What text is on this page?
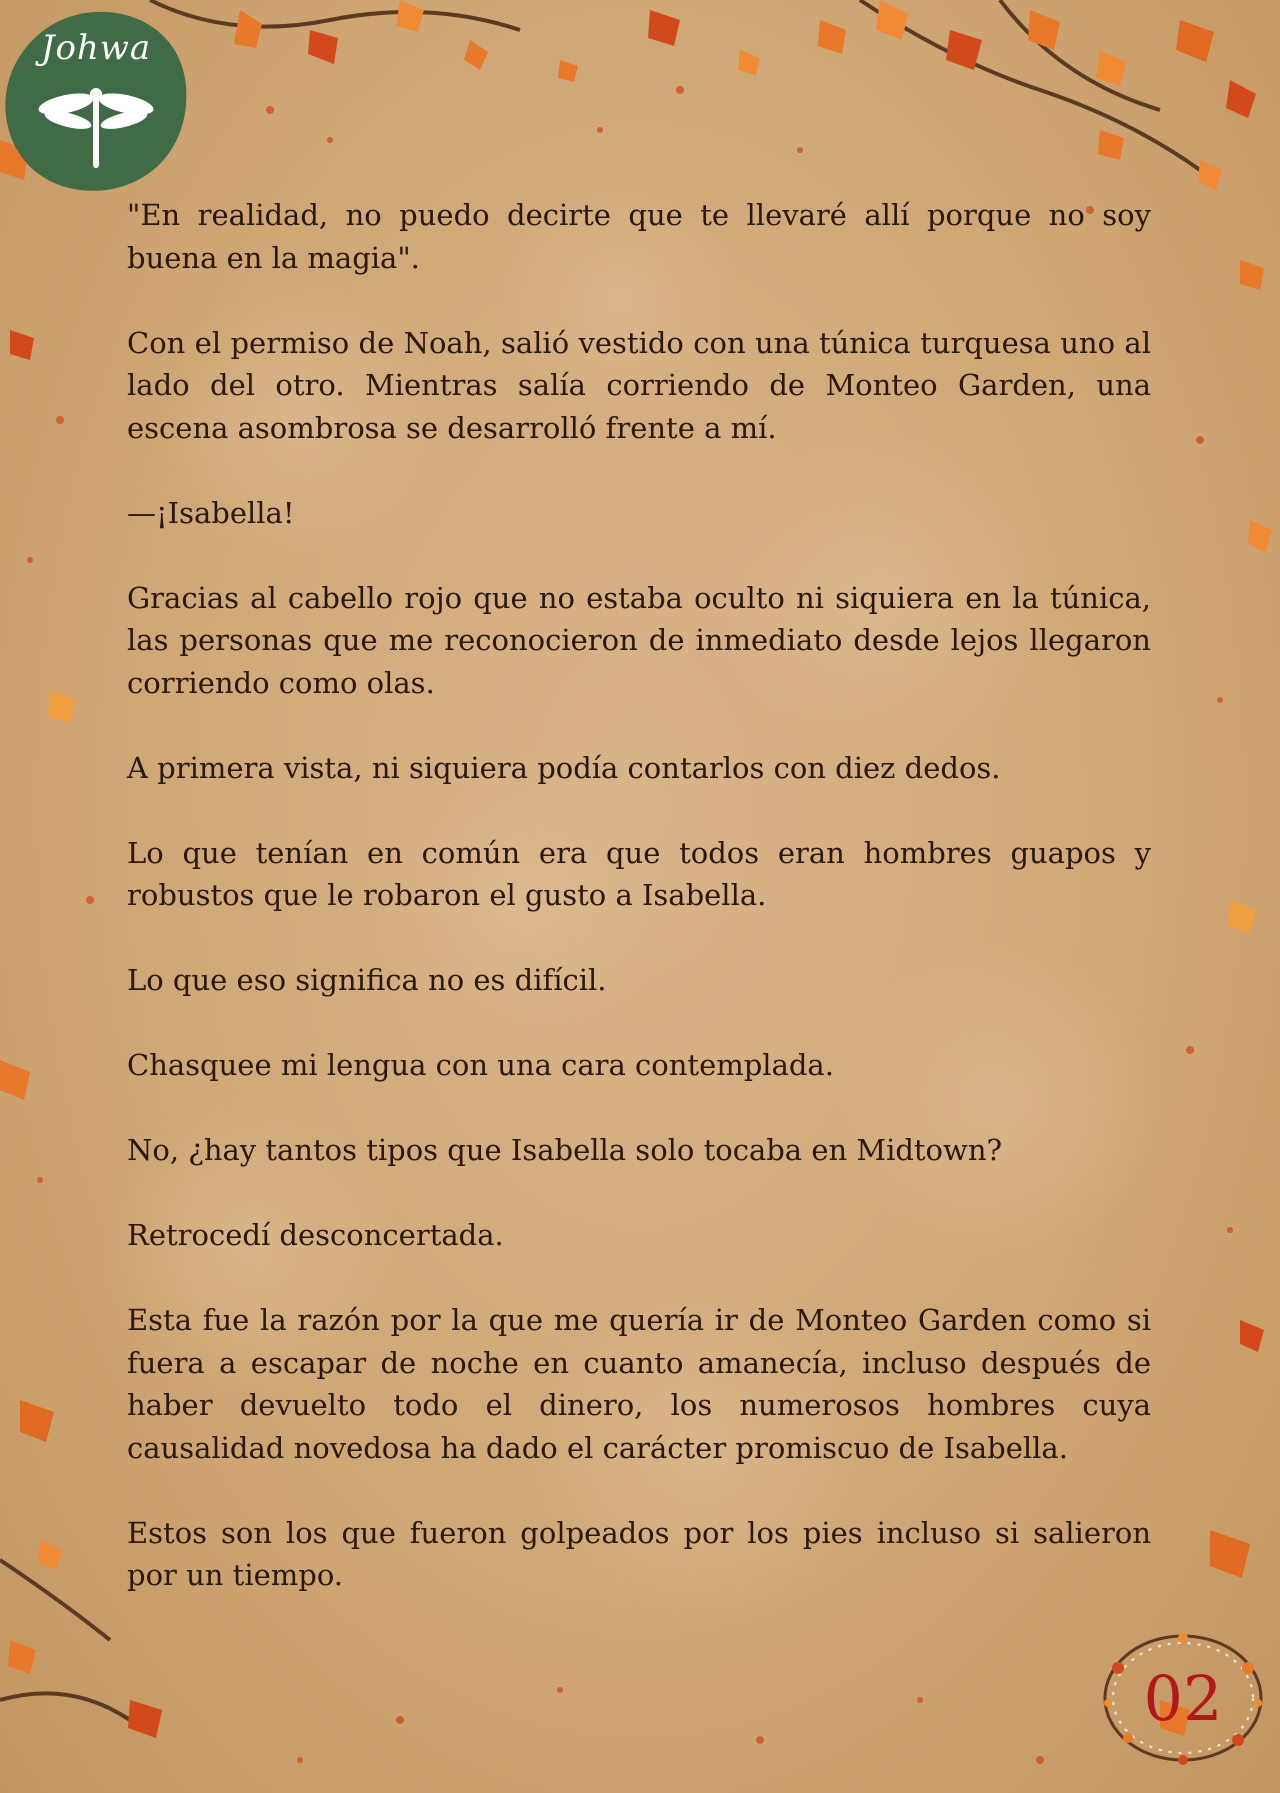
Johwa

"En realidad, no puedo decirte que te llevaré allí porque no soy buena en la magia".

Con el permiso de Noah, salió vestido con una túnica turquesa uno al lado del otro. Mientras salía corriendo de Monteo Garden, una escena asombrosa se desarrolló frente a mí.

—¡Isabella!

Gracias al cabello rojo que no estaba oculto ni siquiera en la túnica, las personas que me reconocieron de inmediato desde lejos llegaron corriendo como olas.

A primera vista, ni siquiera podía contarlos con diez dedos.

Lo que tenían en común era que todos eran hombres guapos y robustos que le robaron el gusto a Isabella.

Lo que eso significa no es difícil.

Chasquee mi lengua con una cara contemplada.

No, ¿hay tantos tipos que Isabella solo tocaba en Midtown?

Retrocedí desconcertada.

Esta fue la razón por la que me quería ir de Monteo Garden como si fuera a escapar de noche en cuanto amanecía, incluso después de haber devuelto todo el dinero, los numerosos hombres cuya causalidad novedosa ha dado el carácter promiscuo de Isabella.

Estos son los que fueron golpeados por los pies incluso si salieron por un tiempo.

02
